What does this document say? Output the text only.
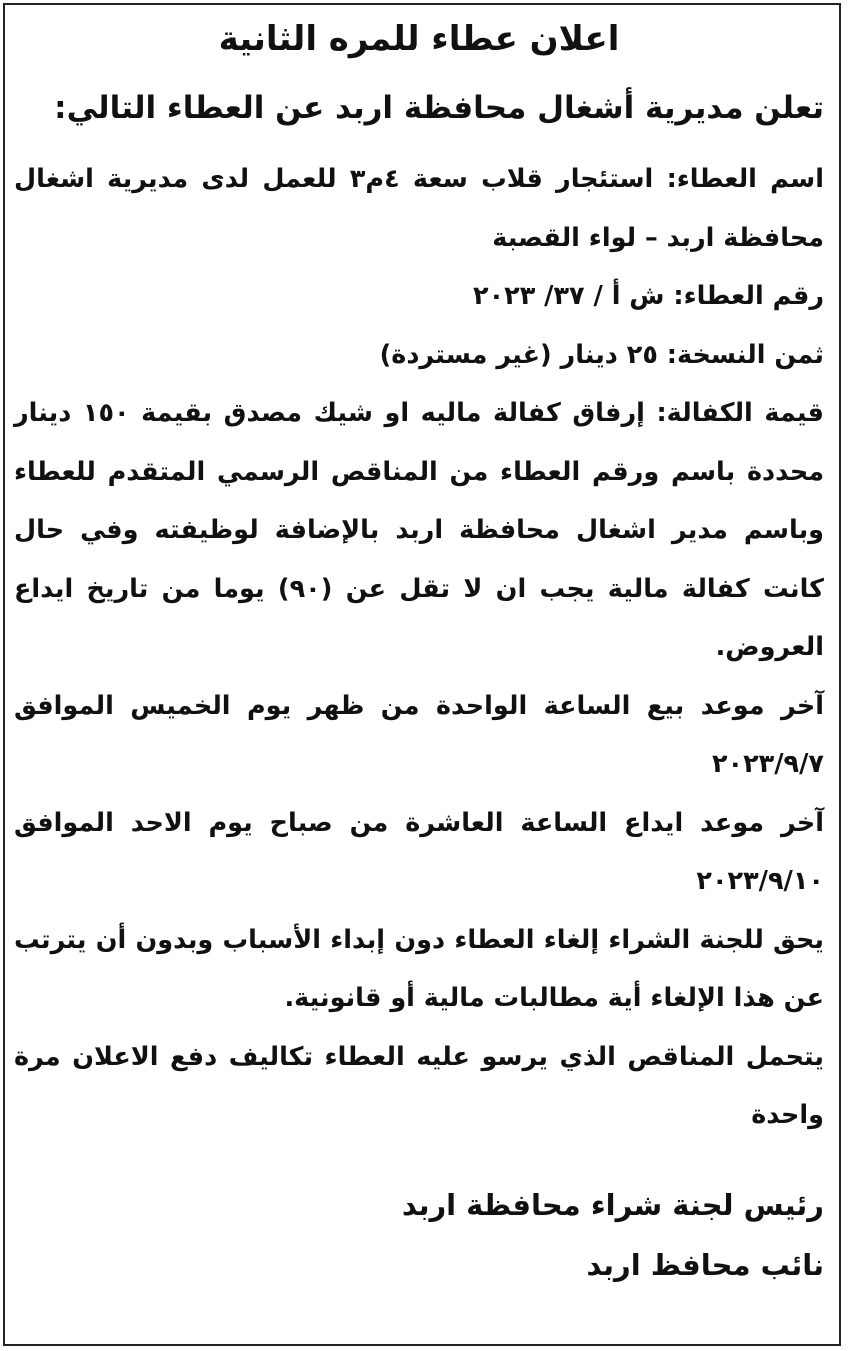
اعلان عطاء للمره الثانية

تعلن مديرية أشغال محافظة اربد عن العطاء التالي:

اسم العطاء: استئجار قلاب سعة ٤م٣ للعمل لدى مديرية اشغال محافظة اربد – لواء القصبة

رقم العطاء: ش أ / ٣٧/ ٢٠٢٣

ثمن النسخة: ٢٥ دينار (غير مستردة)

قيمة الكفالة: إرفاق كفالة ماليه او شيك مصدق بقيمة ١٥٠ دينار محددة باسم ورقم العطاء من المناقص الرسمي المتقدم للعطاء وباسم مدير اشغال محافظة اربد بالإضافة لوظيفته وفي حال كانت كفالة مالية يجب ان لا تقل عن (٩٠) يوما من تاريخ ايداع العروض.

آخر موعد بيع الساعة الواحدة من ظهر يوم الخميس الموافق ٢٠٢٣/٩/٧

آخر موعد ايداع الساعة العاشرة من صباح يوم الاحد الموافق ٢٠٢٣/٩/١٠

يحق للجنة الشراء إلغاء العطاء دون إبداء الأسباب وبدون أن يترتب عن هذا الإلغاء أية مطالبات مالية أو قانونية.

يتحمل المناقص الذي يرسو عليه العطاء تكاليف دفع الاعلان مرة واحدة

رئيس لجنة شراء محافظة اربد

نائب محافظ اربد
